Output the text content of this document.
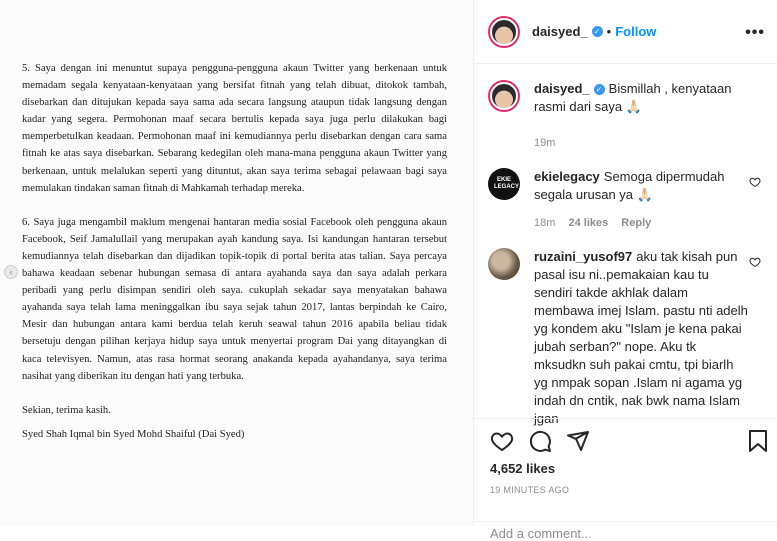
5. Saya dengan ini menuntut supaya pengguna-pengguna akaun Twitter yang berkenaan untuk memadam segala kenyataan-kenyataan yang bersifat fitnah yang telah dibuat, ditokok tambah, disebarkan dan ditujukan kepada saya sama ada secara langsung ataupun tidak langsung dengan kadar yang segera. Permohonan maaf secara bertulis kepada saya juga perlu dilakukan bagi memperbetulkan keadaan. Permohonan maaf ini kemudiannya perlu disebarkan dengan cara sama fitnah ke atas saya disebarkan. Sebarang kedegilan oleh mana-mana pengguna akaun Twitter yang berkenaan, untuk melalukan seperti yang dituntut, akan saya terima sebagai pelawaan bagi saya memulakan tindakan saman fitnah di Mahkamah terhadap mereka.

6. Saya juga mengambil maklum mengenai hantaran media sosial Facebook oleh pengguna akaun Facebook, Seif Jamalullail yang merupakan ayah kandung saya. Isi kandungan hantaran tersebut kemudiannya telah disebarkan dan dijadikan topik-topik di portal berita atas talian. Saya percaya bahawa keadaan sebenar hubungan semasa di antara ayahanda saya dan saya adalah perkara peribadi yang perlu disimpan sendiri oleh saya. cukuplah sekadar saya menyatakan bahawa ayahanda saya telah lama meninggalkan ibu saya sejak tahun 2017, lantas berpindah ke Cairo, Mesir dan hubungan antara kami berdua telah keruh seawal tahun 2016 apabila beliau tidak bersetuju dengan pilihan kerjaya hidup saya untuk menyertai program Dai yang ditayangkan di kaca televisyen. Namun, atas rasa hormat seorang anakanda kepada ayahandanya, saya terima nasihat yang diberikan itu dengan hati yang terbuka.

Sekian, terima kasih.

Syed Shah Iqmal bin Syed Mohd Shaiful (Dai Syed)

‹
daisyed_ ✓ • Follow	•••
daisyed_ ✓ Bismillah , kenyataan rasmi dari saya 🙏🏻
19m
EKIE LEGACY
ekielegacy Semoga dipermudah segala urusan ya 🙏🏻
18m 24 likes Reply
ruzaini_yusof97 aku tak kisah pun pasal isu ni..pemakaian kau tu sendiri takde akhlak dalam membawa imej Islam. pastu nti adelh yg kondem aku "Islam je kena pakai jubah serban?" nope. Aku tk mksudkn suh pakai cmtu, tpi biarlh yg nmpak sopan .Islam ni agama yg indah dn cntik, nak bwk nama Islam jgan
4,652 likes
19 MINUTES AGO
Add a comment...
